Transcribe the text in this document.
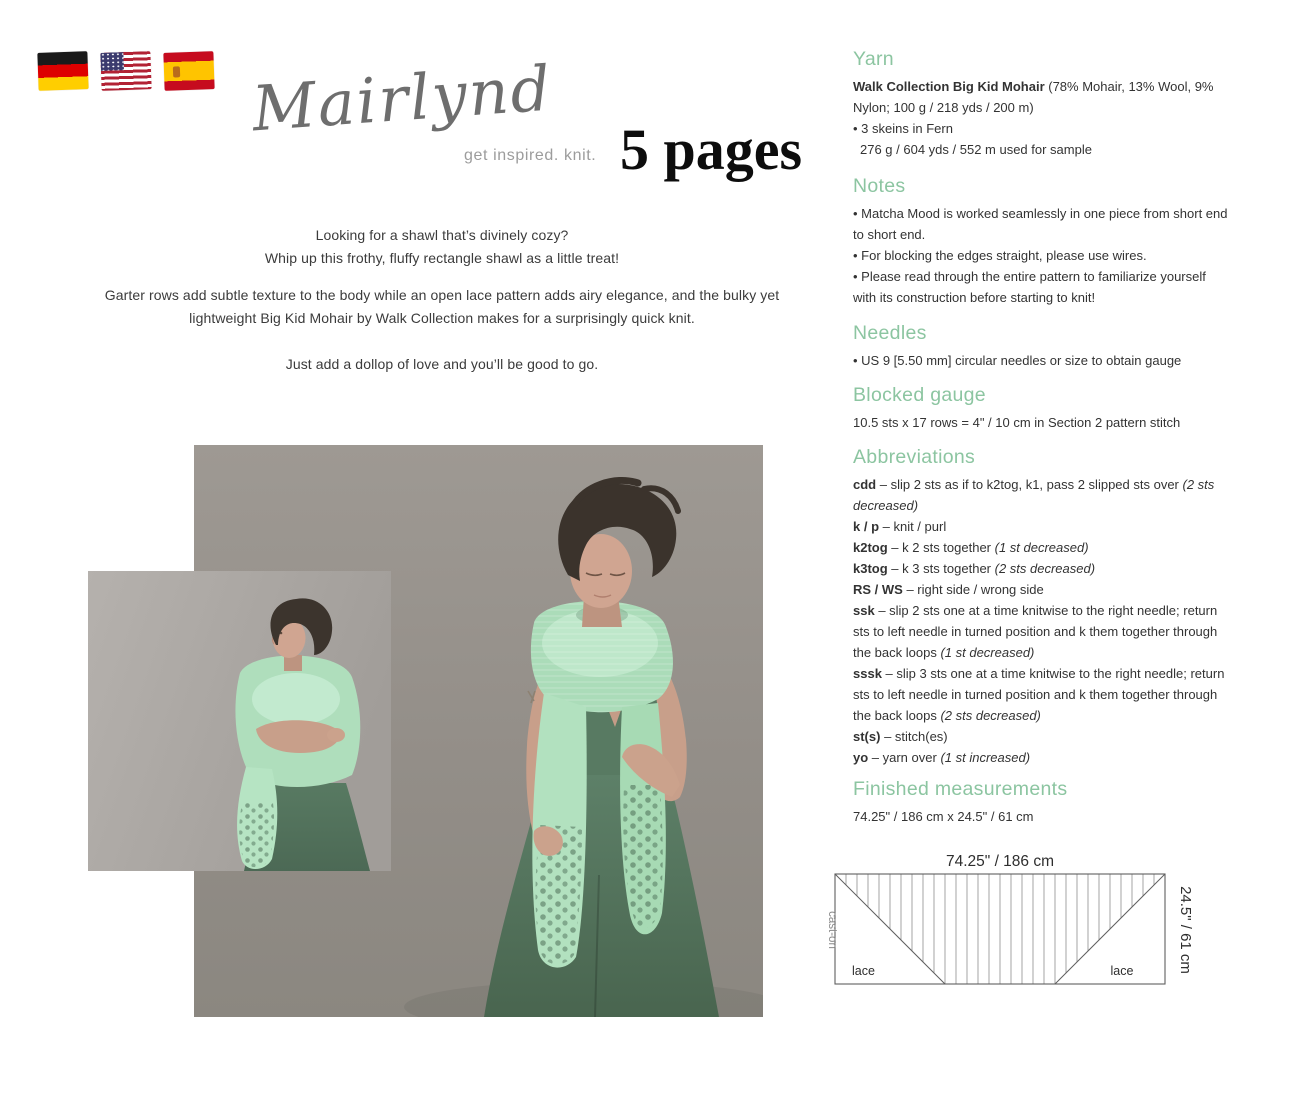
Mairlynd
get inspired. knit. 5 pages
Looking for a shawl that’s divinely cozy?
Whip up this frothy, fluffy rectangle shawl as a little treat!
Garter rows add subtle texture to the body while an open lace pattern adds airy elegance, and the bulky yet lightweight Big Kid Mohair by Walk Collection makes for a surprisingly quick knit.
Just add a dollop of love and you’ll be good to go.
Yarn
Walk Collection Big Kid Mohair (78% Mohair, 13% Wool, 9% Nylon; 100 g / 218 yds / 200 m)
• 3 skeins in Fern
276 g / 604 yds / 552 m used for sample
Notes
• Matcha Mood is worked seamlessly in one piece from short end to short end.
• For blocking the edges straight, please use wires.
• Please read through the entire pattern to familiarize yourself with its construction before starting to knit!
Needles
• US 9 [5.50 mm] circular needles or size to obtain gauge
Blocked gauge
10.5 sts x 17 rows = 4" / 10 cm in Section 2 pattern stitch
Abbreviations
cdd – slip 2 sts as if to k2tog, k1, pass 2 slipped sts over (2 sts decreased)
k / p – knit / purl
k2tog – k 2 sts together (1 st decreased)
k3tog – k 3 sts together (2 sts decreased)
RS / WS – right side / wrong side
ssk – slip 2 sts one at a time knitwise to the right needle; return sts to left needle in turned position and k them together through the back loops (1 st decreased)
sssk – slip 3 sts one at a time knitwise to the right needle; return sts to left needle in turned position and k them together through the back loops (2 sts decreased)
st(s) – stitch(es)
yo – yarn over (1 st increased)
Finished measurements
74.25" / 186 cm x 24.5" / 61 cm
74.25" / 186 cm
lace	lace
cast-on	24.5" / 61 cm
